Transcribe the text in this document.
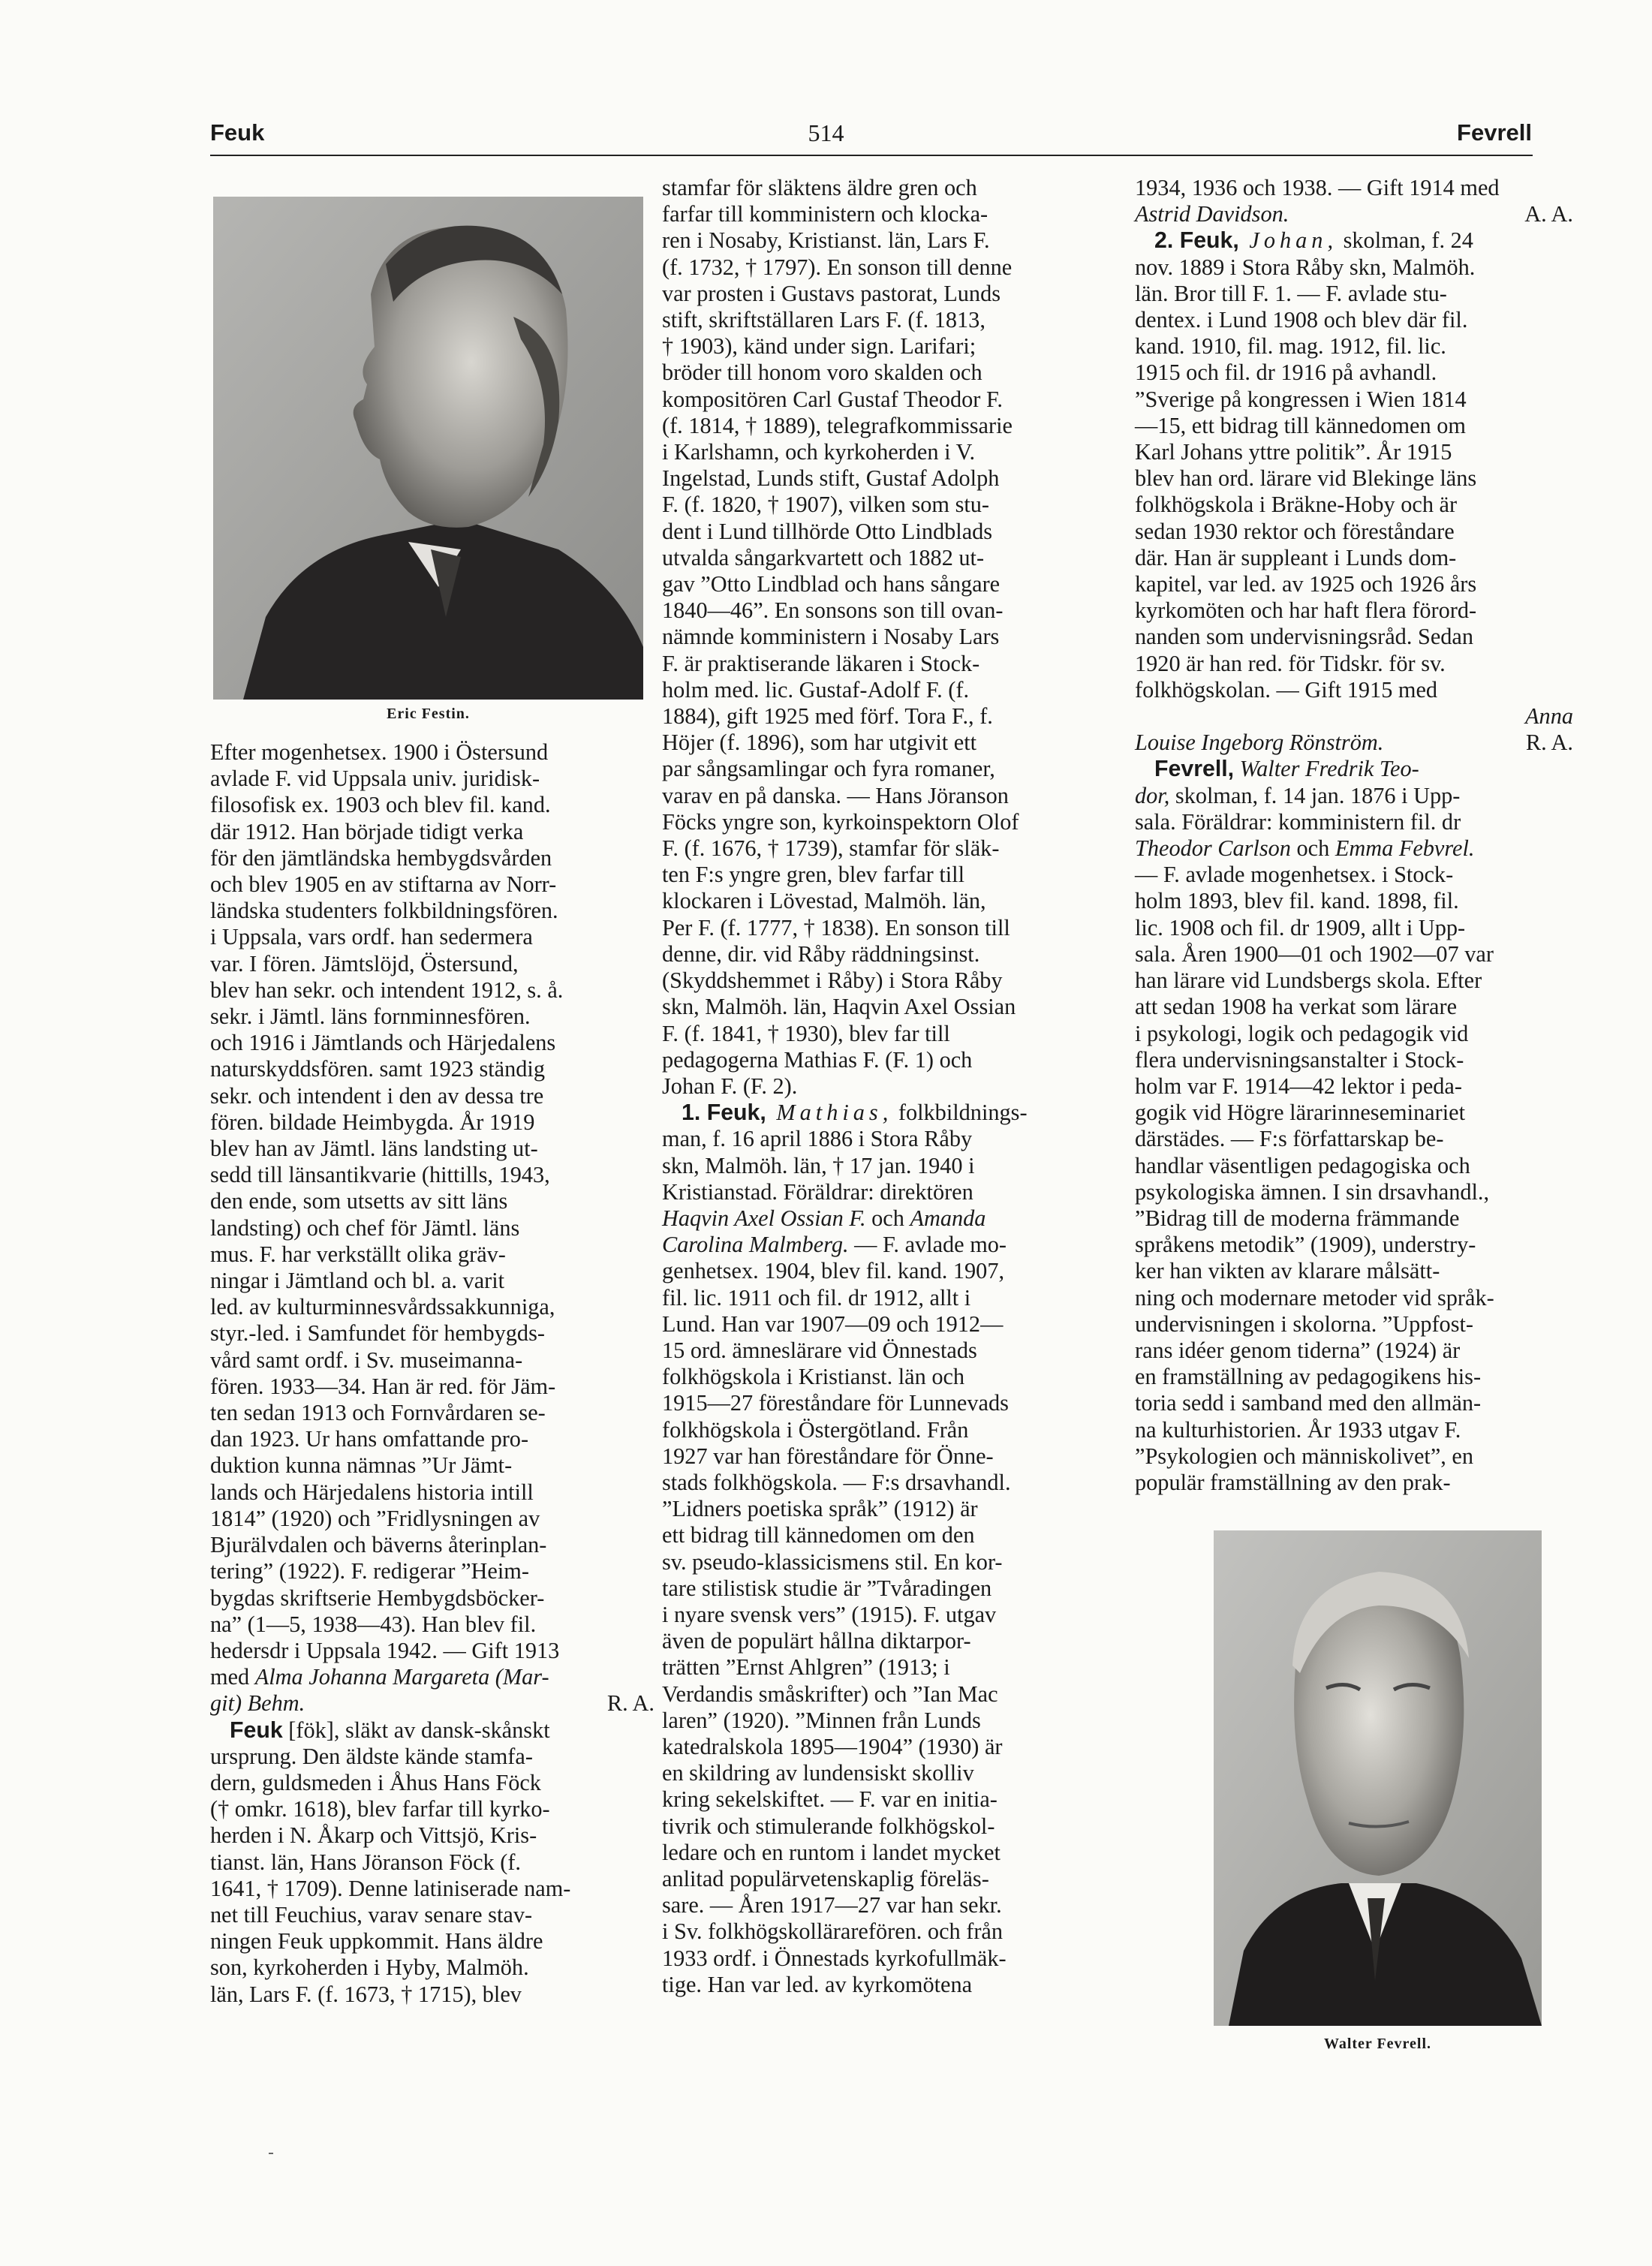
Feuk	514	Fevrell
Eric Festin.
Efter mogenhetsex. 1900 i Östersund
avlade F. vid Uppsala univ. juridisk-
filosofisk ex. 1903 och blev fil. kand.
där 1912. Han började tidigt verka
för den jämtländska hembygdsvården
och blev 1905 en av stiftarna av Norr-
ländska studenters folkbildningsfören.
i Uppsala, vars ordf. han sedermera
var. I fören. Jämtslöjd, Östersund,
blev han sekr. och intendent 1912, s. å.
sekr. i Jämtl. läns fornminnesfören.
och 1916 i Jämtlands och Härjedalens
naturskyddsfören. samt 1923 ständig
sekr. och intendent i den av dessa tre
fören. bildade Heimbygda. År 1919
blev han av Jämtl. läns landsting ut-
sedd till länsantikvarie (hittills, 1943,
den ende, som utsetts av sitt läns
landsting) och chef för Jämtl. läns
mus. F. har verkställt olika gräv-
ningar i Jämtland och bl. a. varit
led. av kulturminnesvårdssakkunniga,
styr.-led. i Samfundet för hembygds-
vård samt ordf. i Sv. museimanna-
fören. 1933—34. Han är red. för Jäm-
ten sedan 1913 och Fornvårdaren se-
dan 1923. Ur hans omfattande pro-
duktion kunna nämnas ”Ur Jämt-
lands och Härjedalens historia intill
1814” (1920) och ”Fridlysningen av
Bjurälvdalen och bäverns återinplan-
tering” (1922). F. redigerar ”Heim-
bygdas skriftserie Hembygdsböcker-
na” (1—5, 1938—43). Han blev fil.
hedersdr i Uppsala 1942. — Gift 1913
med Alma Johanna Margareta (Mar-
git) Behm.	R. A.
Feuk [fök], släkt av dansk-skånskt
ursprung. Den äldste kände stamfa-
dern, guldsmeden i Åhus Hans Föck
(† omkr. 1618), blev farfar till kyrko-
herden i N. Åkarp och Vittsjö, Kris-
tianst. län, Hans Jöranson Föck (f.
1641, † 1709). Denne latiniserade nam-
net till Feuchius, varav senare stav-
ningen Feuk uppkommit. Hans äldre
son, kyrkoherden i Hyby, Malmöh.
län, Lars F. (f. 1673, † 1715), blev
stamfar för släktens äldre gren och
farfar till komministern och klocka-
ren i Nosaby, Kristianst. län, Lars F.
(f. 1732, † 1797). En sonson till denne
var prosten i Gustavs pastorat, Lunds
stift, skriftställaren Lars F. (f. 1813,
† 1903), känd under sign. Larifari;
bröder till honom voro skalden och
kompositören Carl Gustaf Theodor F.
(f. 1814, † 1889), telegrafkommissarie
i Karlshamn, och kyrkoherden i V.
Ingelstad, Lunds stift, Gustaf Adolph
F. (f. 1820, † 1907), vilken som stu-
dent i Lund tillhörde Otto Lindblads
utvalda sångarkvartett och 1882 ut-
gav ”Otto Lindblad och hans sångare
1840—46”. En sonsons son till ovan-
nämnde komministern i Nosaby Lars
F. är praktiserande läkaren i Stock-
holm med. lic. Gustaf-Adolf F. (f.
1884), gift 1925 med förf. Tora F., f.
Höjer (f. 1896), som har utgivit ett
par sångsamlingar och fyra romaner,
varav en på danska. — Hans Jöranson
Föcks yngre son, kyrkoinspektorn Olof
F. (f. 1676, † 1739), stamfar för släk-
ten F:s yngre gren, blev farfar till
klockaren i Lövestad, Malmöh. län,
Per F. (f. 1777, † 1838). En sonson till
denne, dir. vid Råby räddningsinst.
(Skyddshemmet i Råby) i Stora Råby
skn, Malmöh. län, Haqvin Axel Ossian
F. (f. 1841, † 1930), blev far till
pedagogerna Mathias F. (F. 1) och
Johan F. (F. 2).
1. Feuk, Mathias, folkbildnings-
man, f. 16 april 1886 i Stora Råby
skn, Malmöh. län, † 17 jan. 1940 i
Kristianstad. Föräldrar: direktören
Haqvin Axel Ossian F. och Amanda
Carolina Malmberg. — F. avlade mo-
genhetsex. 1904, blev fil. kand. 1907,
fil. lic. 1911 och fil. dr 1912, allt i
Lund. Han var 1907—09 och 1912—
15 ord. ämneslärare vid Önnestads
folkhögskola i Kristianst. län och
1915—27 föreståndare för Lunnevads
folkhögskola i Östergötland. Från
1927 var han föreståndare för Önne-
stads folkhögskola. — F:s drsavhandl.
”Lidners poetiska språk” (1912) är
ett bidrag till kännedomen om den
sv. pseudo-klassicismens stil. En kor-
tare stilistisk studie är ”Tvåradingen
i nyare svensk vers” (1915). F. utgav
även de populärt hållna diktarpor-
trätten ”Ernst Ahlgren” (1913; i
Verdandis småskrifter) och ”Ian Mac
laren” (1920). ”Minnen från Lunds
katedralskola 1895—1904” (1930) är
en skildring av lundensiskt skolliv
kring sekelskiftet. — F. var en initia-
tivrik och stimulerande folkhögskol-
ledare och en runtom i landet mycket
anlitad populärvetenskaplig föreläs-
sare. — Åren 1917—27 var han sekr.
i Sv. folkhögskollärarefören. och från
1933 ordf. i Önnestads kyrkofullmäk-
tige. Han var led. av kyrkomötena
1934, 1936 och 1938. — Gift 1914 med
Astrid Davidson.	A. A.
2. Feuk, Johan, skolman, f. 24
nov. 1889 i Stora Råby skn, Malmöh.
län. Bror till F. 1. — F. avlade stu-
dentex. i Lund 1908 och blev där fil.
kand. 1910, fil. mag. 1912, fil. lic.
1915 och fil. dr 1916 på avhandl.
”Sverige på kongressen i Wien 1814
—15, ett bidrag till kännedomen om
Karl Johans yttre politik”. År 1915
blev han ord. lärare vid Blekinge läns
folkhögskola i Bräkne-Hoby och är
sedan 1930 rektor och föreståndare
där. Han är suppleant i Lunds dom-
kapitel, var led. av 1925 och 1926 års
kyrkomöten och har haft flera förord-
nanden som undervisningsråd. Sedan
1920 är han red. för Tidskr. för sv.
folkhögskolan. — Gift 1915 med
Anna
Louise Ingeborg Rönström.	R. A.
Fevrell, Walter Fredrik Teo-
dor, skolman, f. 14 jan. 1876 i Upp-
sala. Föräldrar: komministern fil. dr
Theodor Carlson och Emma Febvrel.
— F. avlade mogenhetsex. i Stock-
holm 1893, blev fil. kand. 1898, fil.
lic. 1908 och fil. dr 1909, allt i Upp-
sala. Åren 1900—01 och 1902—07 var
han lärare vid Lundsbergs skola. Efter
att sedan 1908 ha verkat som lärare
i psykologi, logik och pedagogik vid
flera undervisningsanstalter i Stock-
holm var F. 1914—42 lektor i peda-
gogik vid Högre lärarinneseminariet
därstädes. — F:s författarskap be-
handlar väsentligen pedagogiska och
psykologiska ämnen. I sin drsavhandl.,
”Bidrag till de moderna främmande
språkens metodik” (1909), understry-
ker han vikten av klarare målsätt-
ning och modernare metoder vid språk-
undervisningen i skolorna. ”Uppfost-
rans idéer genom tiderna” (1924) är
en framställning av pedagogikens his-
toria sedd i samband med den allmän-
na kulturhistorien. År 1933 utgav F.
”Psykologien och människolivet”, en
populär framställning av den prak-
Walter Fevrell.
